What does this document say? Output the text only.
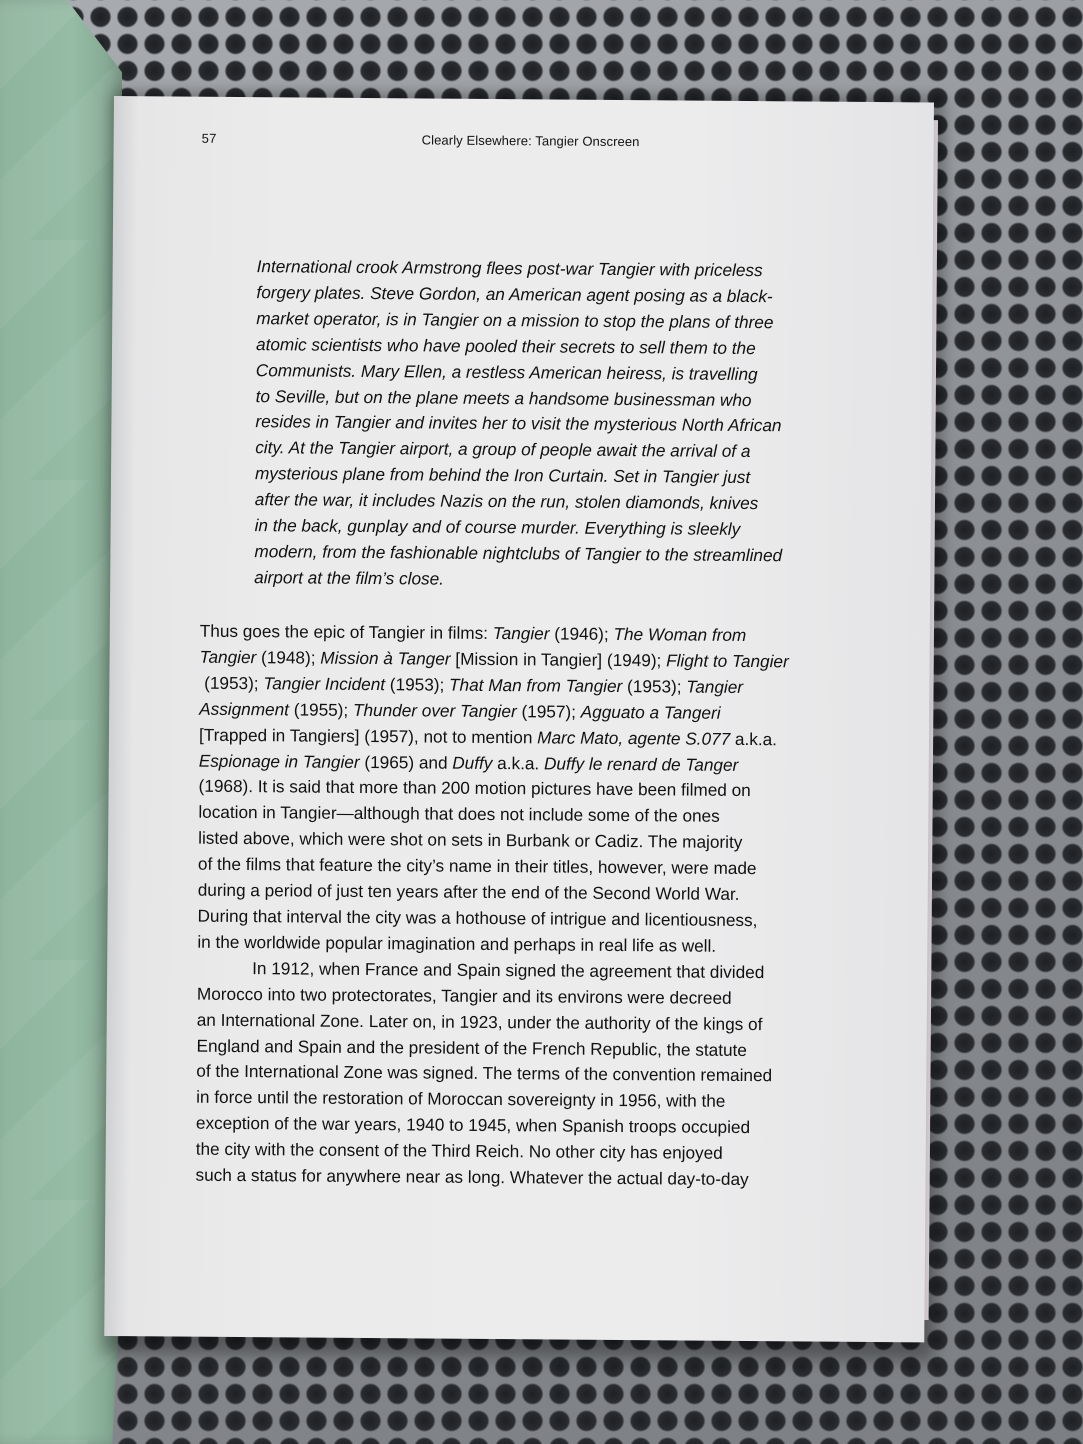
57	Clearly Elsewhere: Tangier Onscreen
International crook Armstrong flees post-war Tangier with priceless
forgery plates. Steve Gordon, an American agent posing as a black-
market operator, is in Tangier on a mission to stop the plans of three
atomic scientists who have pooled their secrets to sell them to the
Communists. Mary Ellen, a restless American heiress, is travelling
to Seville, but on the plane meets a handsome businessman who
resides in Tangier and invites her to visit the mysterious North African
city. At the Tangier airport, a group of people await the arrival of a
mysterious plane from behind the Iron Curtain. Set in Tangier just
after the war, it includes Nazis on the run, stolen diamonds, knives
in the back, gunplay and of course murder. Everything is sleekly
modern, from the fashionable nightclubs of Tangier to the streamlined
airport at the film’s close.
Thus goes the epic of Tangier in films: Tangier (1946); The Woman from
Tangier (1948); Mission à Tanger [Mission in Tangier] (1949); Flight to Tangier
(1953); Tangier Incident (1953); That Man from Tangier (1953); Tangier
Assignment (1955); Thunder over Tangier (1957); Agguato a Tangeri
[Trapped in Tangiers] (1957), not to mention Marc Mato, agente S.077 a.k.a.
Espionage in Tangier (1965) and Duffy a.k.a. Duffy le renard de Tanger
(1968). It is said that more than 200 motion pictures have been filmed on
location in Tangier—although that does not include some of the ones
listed above, which were shot on sets in Burbank or Cadiz. The majority
of the films that feature the city’s name in their titles, however, were made
during a period of just ten years after the end of the Second World War.
During that interval the city was a hothouse of intrigue and licentiousness,
in the worldwide popular imagination and perhaps in real life as well.
In 1912, when France and Spain signed the agreement that divided
Morocco into two protectorates, Tangier and its environs were decreed
an International Zone. Later on, in 1923, under the authority of the kings of
England and Spain and the president of the French Republic, the statute
of the International Zone was signed. The terms of the convention remained
in force until the restoration of Moroccan sovereignty in 1956, with the
exception of the war years, 1940 to 1945, when Spanish troops occupied
the city with the consent of the Third Reich. No other city has enjoyed
such a status for anywhere near as long. Whatever the actual day-to-day
